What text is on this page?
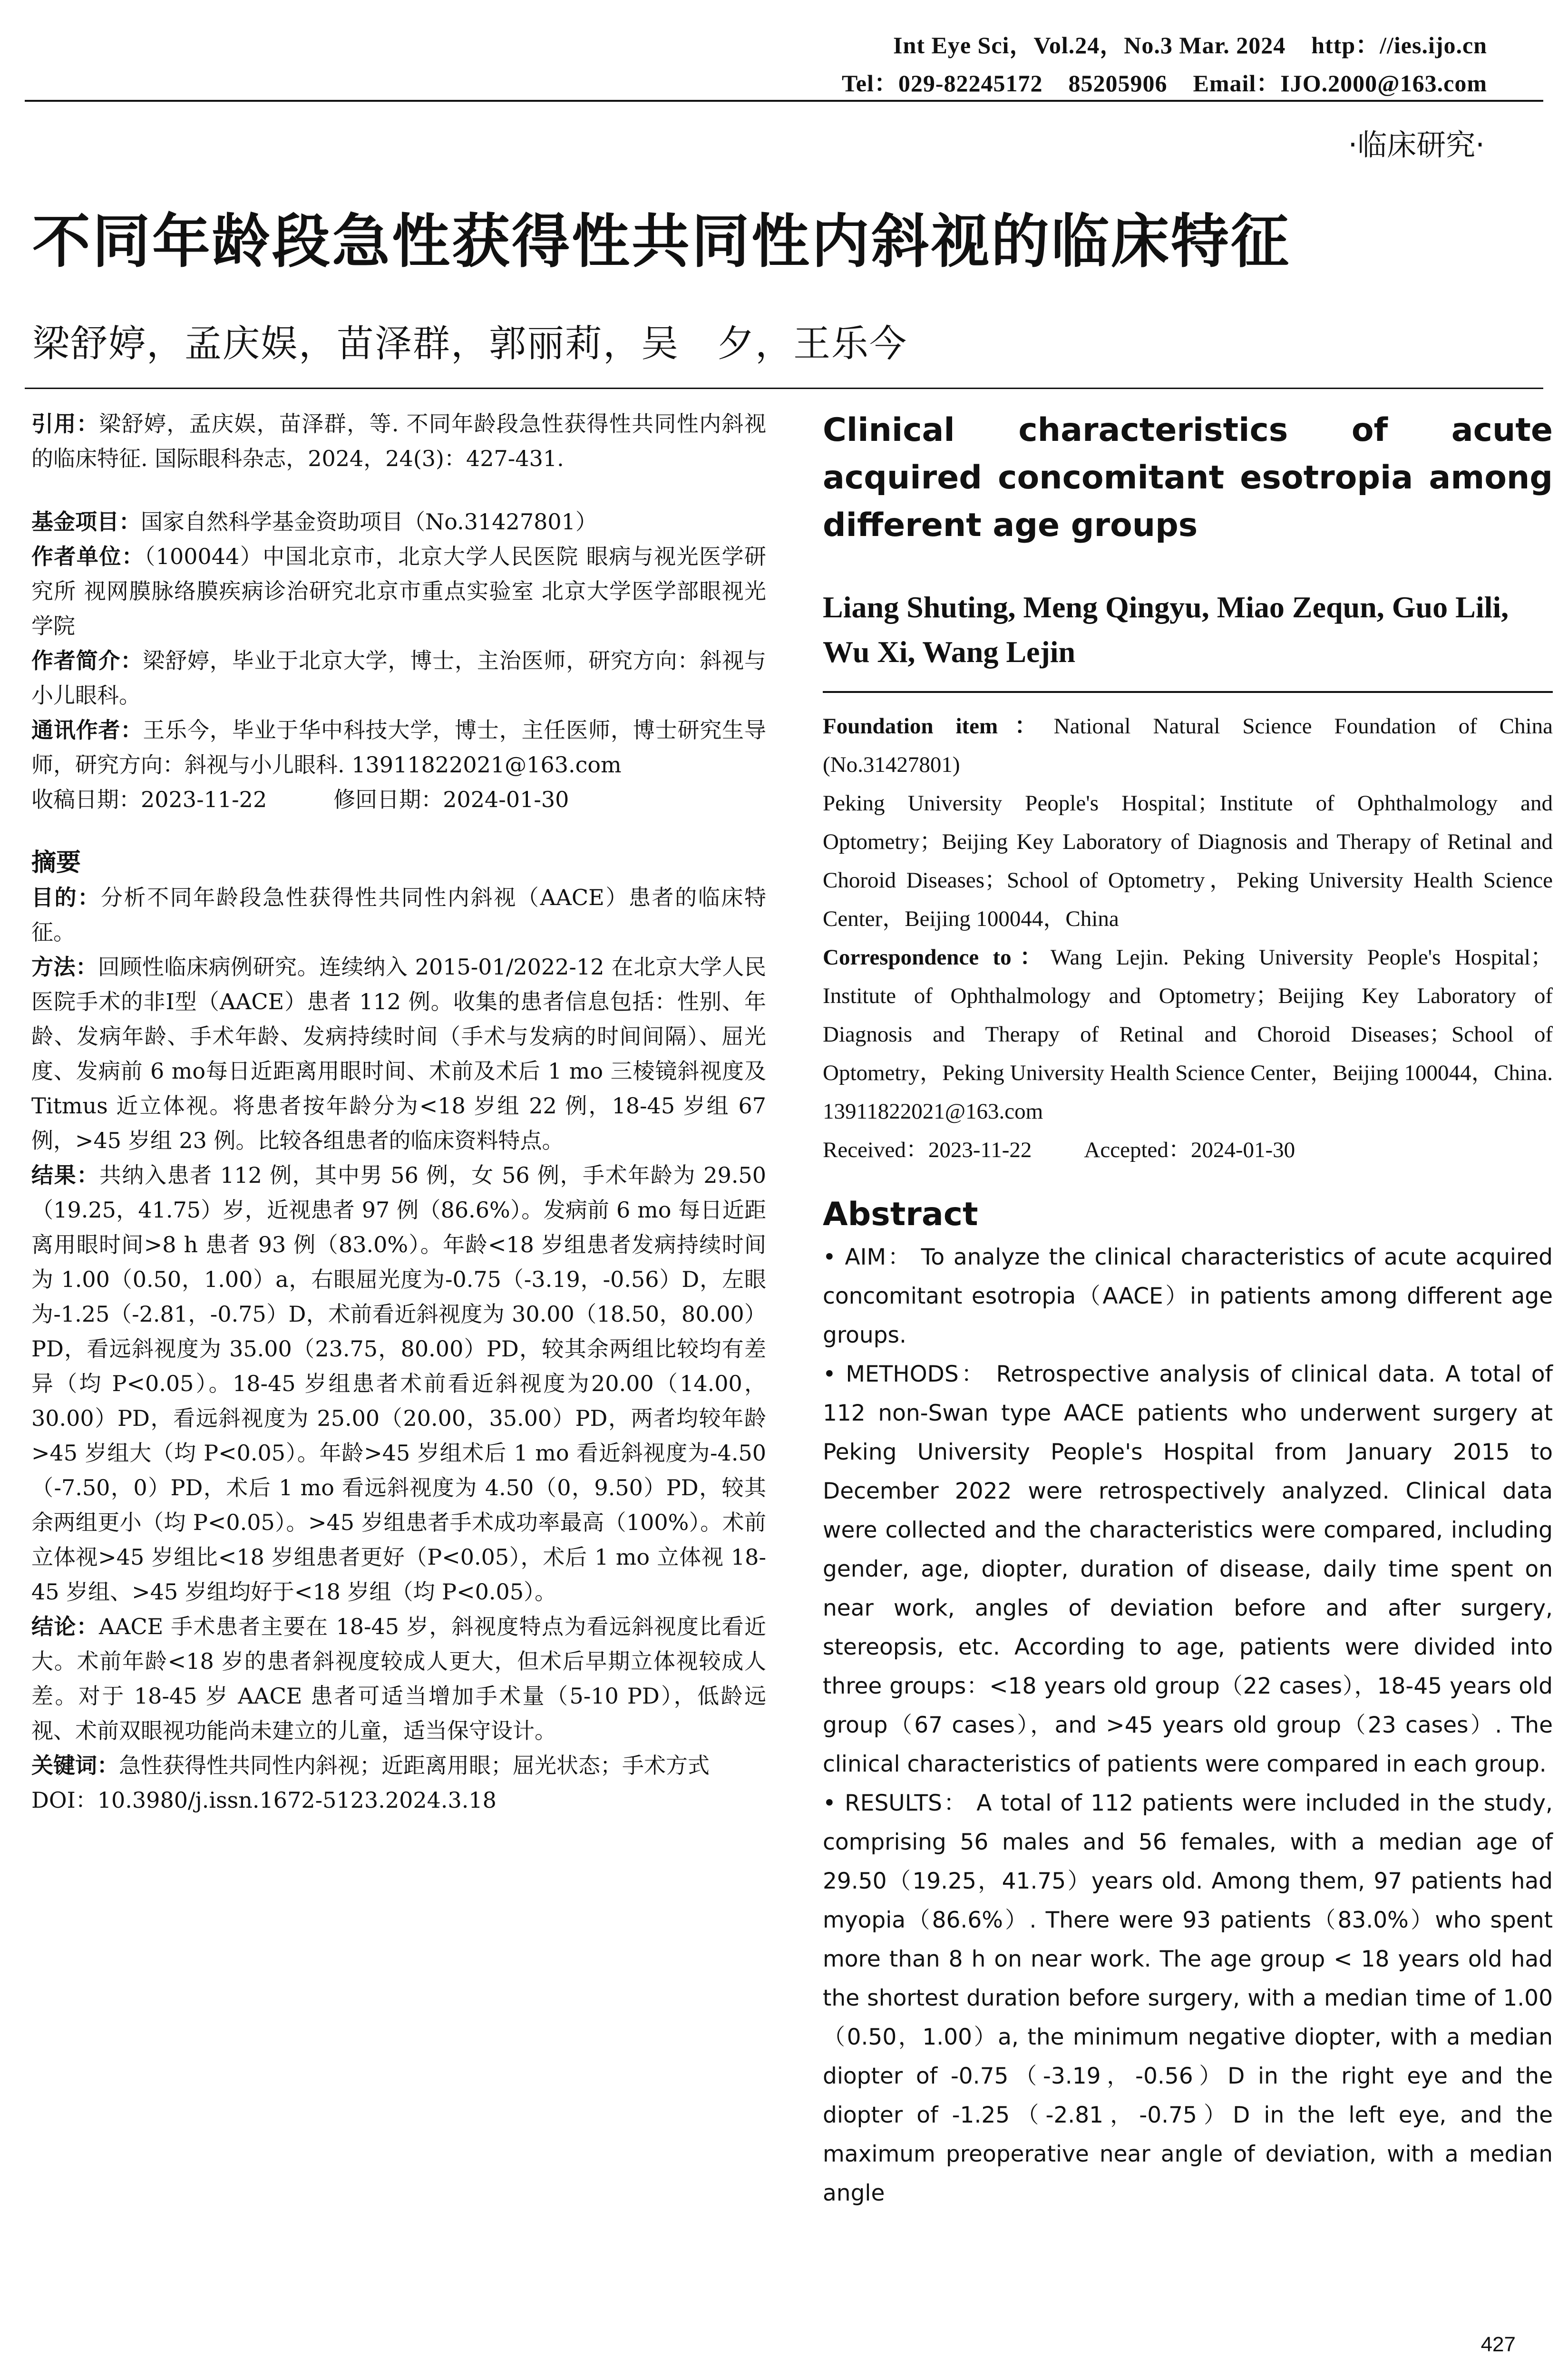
Int Eye Sci，Vol.24，No.3 Mar. 2024    http：//ies.ijo.cn
Tel：029-82245172    85205906    Email：IJO.2000@163.com
·临床研究·
不同年龄段急性获得性共同性内斜视的临床特征
梁舒婷，孟庆娱，苗泽群，郭丽莉，吴　夕，王乐今

引用：梁舒婷，孟庆娱，苗泽群，等. 不同年龄段急性获得性共同性内斜视的临床特征. 国际眼科杂志，2024，24(3)：427-431.

基金项目：国家自然科学基金资助项目（No.31427801）

作者单位：（100044）中国北京市，北京大学人民医院 眼病与视光医学研究所 视网膜脉络膜疾病诊治研究北京市重点实验室 北京大学医学部眼视光学院

作者简介：梁舒婷，毕业于北京大学，博士，主治医师，研究方向：斜视与小儿眼科。

通讯作者：王乐今，毕业于华中科技大学，博士，主任医师，博士研究生导师，研究方向：斜视与小儿眼科. 13911822021@163.com

收稿日期：2023-11-22	修回日期：2024-01-30

摘要

目的：分析不同年龄段急性获得性共同性内斜视（AACE）患者的临床特征。

方法：回顾性临床病例研究。连续纳入 2015-01/2022-12 在北京大学人民医院手术的非Ⅰ型（AACE）患者 112 例。收集的患者信息包括：性别、年龄、发病年龄、手术年龄、发病持续时间（手术与发病的时间间隔）、屈光度、发病前 6 mo每日近距离用眼时间、术前及术后 1 mo 三棱镜斜视度及 Titmus 近立体视。将患者按年龄分为<18 岁组 22 例，18-45 岁组 67 例，>45 岁组 23 例。比较各组患者的临床资料特点。

结果：共纳入患者 112 例，其中男 56 例，女 56 例，手术年龄为 29.50（19.25，41.75）岁，近视患者 97 例（86.6%）。发病前 6 mo 每日近距离用眼时间>8 h 患者 93 例（83.0%）。年龄<18 岁组患者发病持续时间为 1.00（0.50，1.00）a，右眼屈光度为-0.75（-3.19，-0.56）D，左眼为-1.25（-2.81，-0.75）D，术前看近斜视度为 30.00（18.50，80.00）PD，看远斜视度为 35.00（23.75，80.00）PD，较其余两组比较均有差异（均 P<0.05）。18-45 岁组患者术前看近斜视度为20.00（14.00，30.00）PD，看远斜视度为 25.00（20.00，35.00）PD，两者均较年龄>45 岁组大（均 P<0.05）。年龄>45 岁组术后 1 mo 看近斜视度为-4.50（-7.50，0）PD，术后 1 mo 看远斜视度为 4.50（0，9.50）PD，较其余两组更小（均 P<0.05）。>45 岁组患者手术成功率最高（100%）。术前立体视>45 岁组比<18 岁组患者更好（P<0.05），术后 1 mo 立体视 18-45 岁组、>45 岁组均好于<18 岁组（均 P<0.05）。

结论：AACE 手术患者主要在 18-45 岁，斜视度特点为看远斜视度比看近大。术前年龄<18 岁的患者斜视度较成人更大，但术后早期立体视较成人差。对于 18-45 岁 AACE 患者可适当增加手术量（5-10 PD），低龄远视、术前双眼视功能尚未建立的儿童，适当保守设计。

关键词：急性获得性共同性内斜视；近距离用眼；屈光状态；手术方式

DOI：10.3980/j.issn.1672-5123.2024.3.18

Clinical characteristics of acute acquired concomitant esotropia among different age groups

Liang Shuting, Meng Qingyu, Miao Zequn, Guo Lili, Wu Xi, Wang Lejin

Foundation item：National Natural Science Foundation of China (No.31427801)

Peking University People's Hospital；Institute of Ophthalmology and Optometry；Beijing Key Laboratory of Diagnosis and Therapy of Retinal and Choroid Diseases；School of Optometry，Peking University Health Science Center，Beijing 100044，China

Correspondence to：Wang Lejin. Peking University People's Hospital；Institute of Ophthalmology and Optometry；Beijing Key Laboratory of Diagnosis and Therapy of Retinal and Choroid Diseases；School of Optometry，Peking University Health Science Center，Beijing 100044，China. 13911822021@163.com

Received：2023-11-22 Accepted：2024-01-30

Abstract

• AIM： To analyze the clinical characteristics of acute acquired concomitant esotropia（AACE）in patients among different age groups.

• METHODS： Retrospective analysis of clinical data. A total of 112 non-Swan type AACE patients who underwent surgery at Peking University People's Hospital from January 2015 to December 2022 were retrospectively analyzed. Clinical data were collected and the characteristics were compared, including gender, age, diopter, duration of disease, daily time spent on near work, angles of deviation before and after surgery, stereopsis, etc. According to age, patients were divided into three groups：<18 years old group（22 cases），18-45 years old group（67 cases），and >45 years old group（23 cases）. The clinical characteristics of patients were compared in each group.

• RESULTS： A total of 112 patients were included in the study, comprising 56 males and 56 females, with a median age of 29.50（19.25，41.75）years old. Among them, 97 patients had myopia（86.6%）. There were 93 patients（83.0%）who spent more than 8 h on near work. The age group < 18 years old had the shortest duration before surgery, with a median time of 1.00（0.50，1.00）a, the minimum negative diopter, with a median diopter of -0.75（-3.19，-0.56）D in the right eye and the diopter of -1.25（-2.81，-0.75）D in the left eye, and the maximum preoperative near angle of deviation, with a median angle

427
